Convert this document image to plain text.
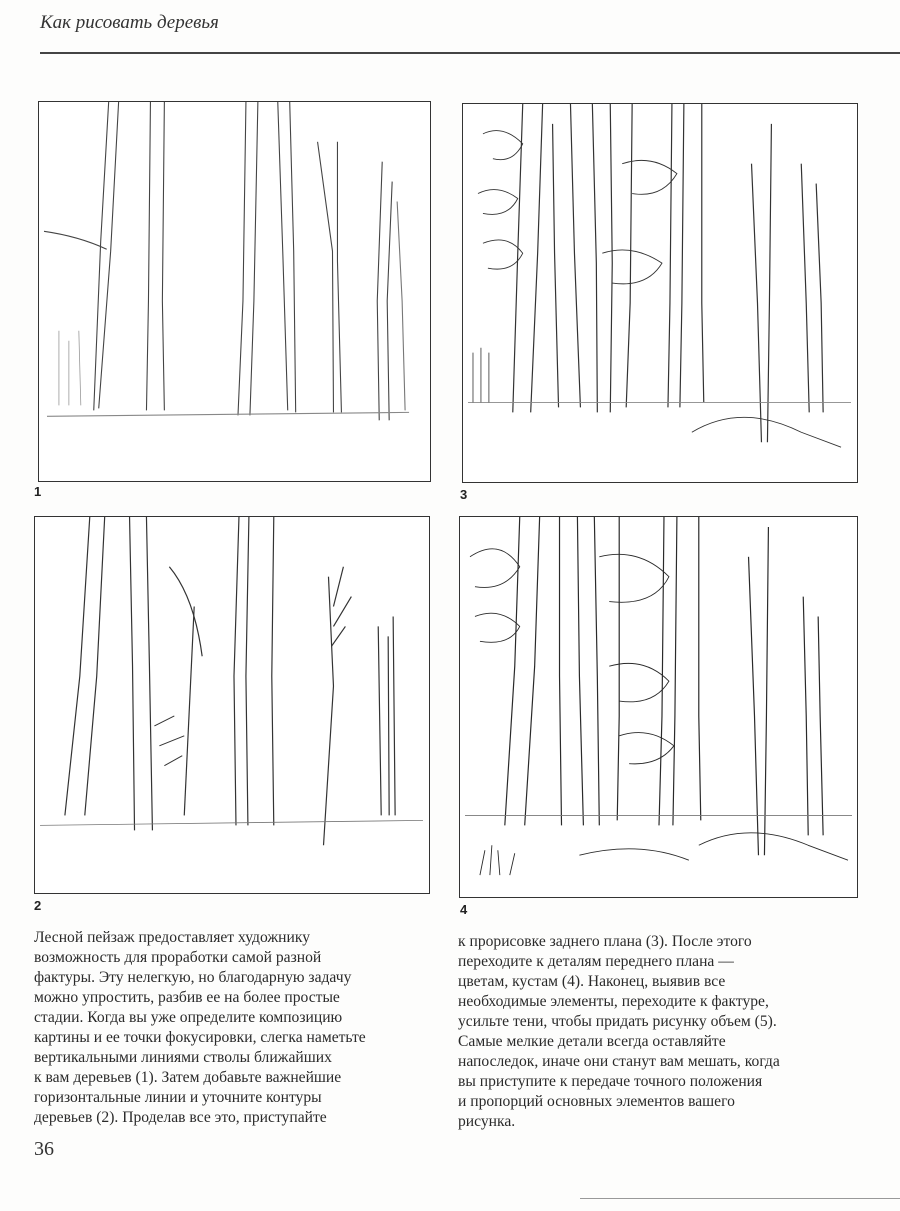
Как рисовать деревья
1	3
2	4
Лесной пейзаж предоставляет художнику
возможность для проработки самой разной
фактуры. Эту нелегкую, но благодарную задачу
можно упростить, разбив ее на более простые
стадии. Когда вы уже определите композицию
картины и ее точки фокусировки, слегка наметьте
вертикальными линиями стволы ближайших
к вам деревьев (1). Затем добавьте важнейшие
горизонтальные линии и уточните контуры
деревьев (2). Проделав все это, приступайте
к прорисовке заднего плана (3). После этого
переходите к деталям переднего плана —
цветам, кустам (4). Наконец, выявив все
необходимые элементы, переходите к фактуре,
усильте тени, чтобы придать рисунку объем (5).
Самые мелкие детали всегда оставляйте
напоследок, иначе они станут вам мешать, когда
вы приступите к передаче точного положения
и пропорций основных элементов вашего
рисунка.
36
